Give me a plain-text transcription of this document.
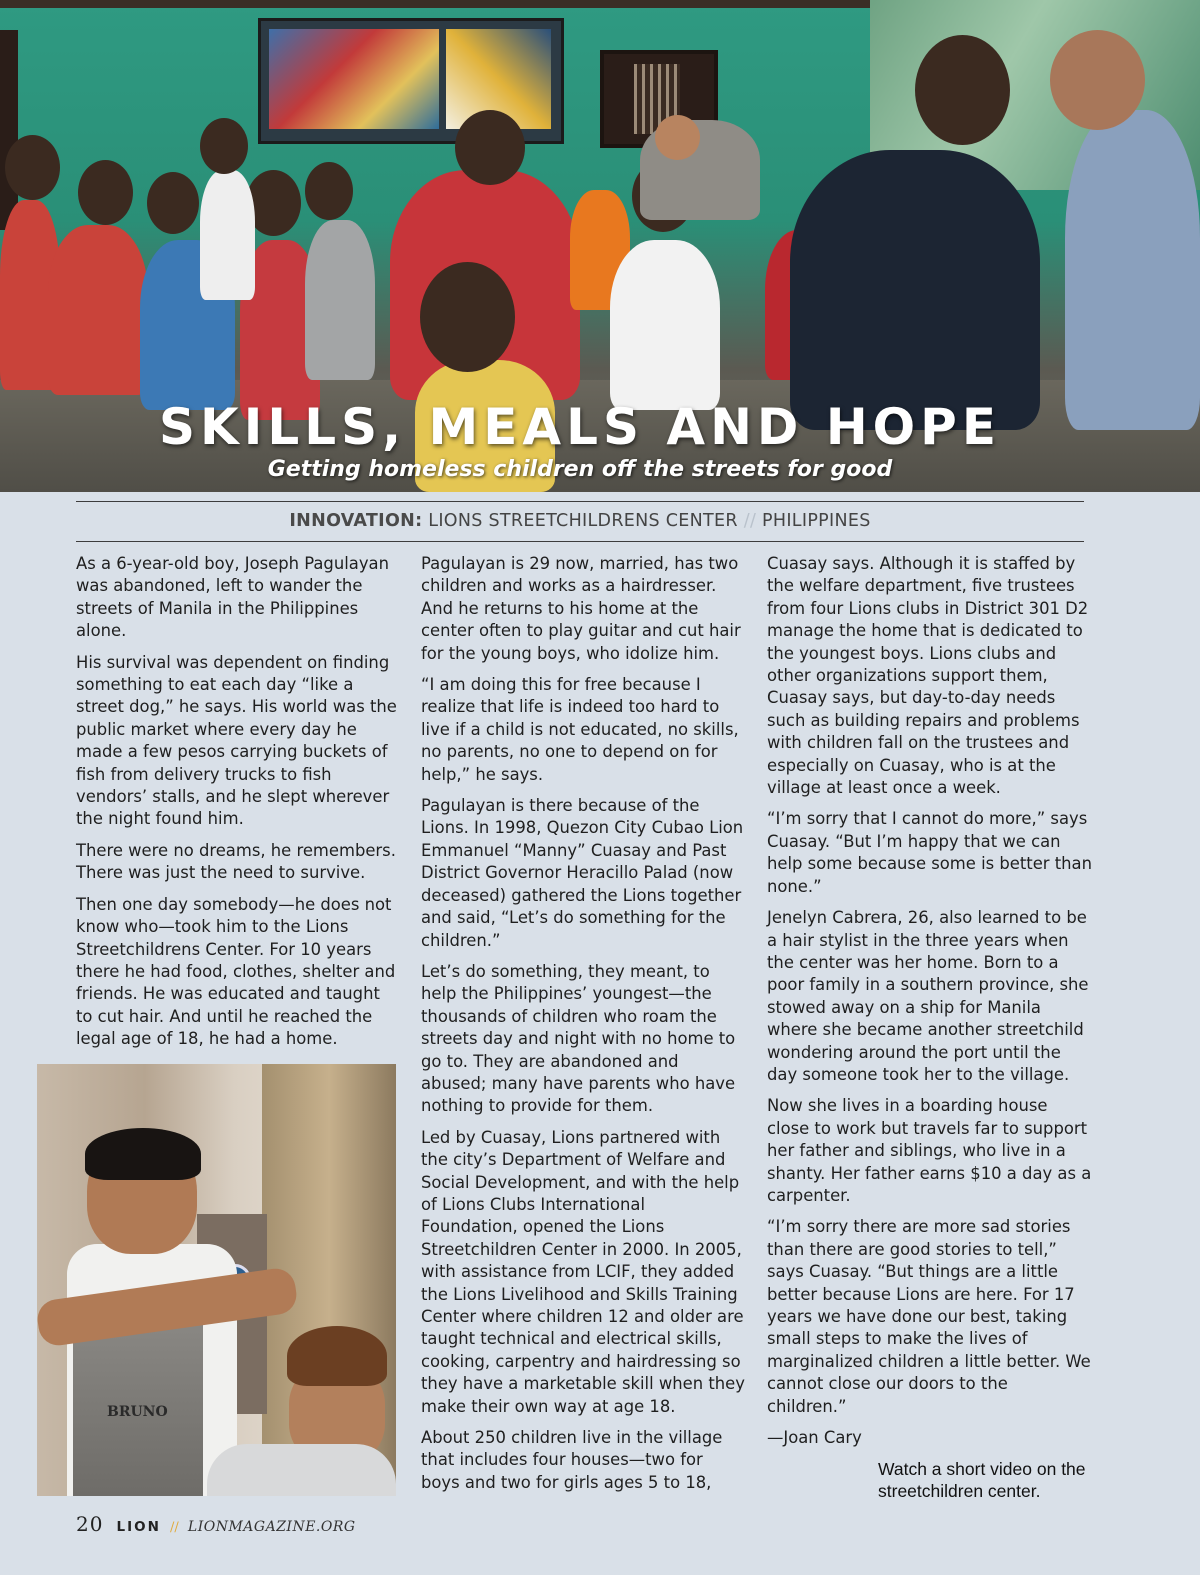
SKILLS, MEALS AND HOPE
Getting homeless children off the streets for good
INNOVATION: LIONS STREETCHILDRENS CENTER // PHILIPPINES

As a 6-year-old boy, Joseph Pagulayan was abandoned, left to wander the streets of Manila in the Philippines alone.

His survival was dependent on finding something to eat each day “like a street dog,” he says. His world was the public market where every day he made a few pesos carrying buckets of fish from delivery trucks to fish vendors’ stalls, and he slept wherever the night found him.

There were no dreams, he remembers. There was just the need to survive.

Then one day somebody—he does not know who—took him to the Lions Streetchildrens Center. For 10 years there he had food, clothes, shelter and friends. He was educated and taught to cut hair. And until he reached the legal age of 18, he had a home.

BRUNO

Pagulayan is 29 now, married, has two children and works as a hairdresser. And he returns to his home at the center often to play guitar and cut hair for the young boys, who idolize him.

“I am doing this for free because I realize that life is indeed too hard to live if a child is not educated, no skills, no parents, no one to depend on for help,” he says.

Pagulayan is there because of the Lions. In 1998, Quezon City Cubao Lion Emmanuel “Manny” Cuasay and Past District Governor Heracillo Palad (now deceased) gathered the Lions together and said, “Let’s do something for the children.”

Let’s do something, they meant, to help the Philippines’ youngest—the thousands of children who roam the streets day and night with no home to go to. They are abandoned and abused; many have parents who have nothing to provide for them.

Led by Cuasay, Lions partnered with the city’s Department of Welfare and Social Development, and with the help of Lions Clubs International Foundation, opened the Lions Streetchildren Center in 2000. In 2005, with assistance from LCIF, they added the Lions Livelihood and Skills Training Center where children 12 and older are taught technical and electrical skills, cooking, carpentry and hairdressing so they have a marketable skill when they make their own way at age 18.

About 250 children live in the village that includes four houses—two for boys and two for girls ages 5 to 18,

Cuasay says. Although it is staffed by the welfare department, five trustees from four Lions clubs in District 301 D2 manage the home that is dedicated to the youngest boys. Lions clubs and other organizations support them, Cuasay says, but day-to-day needs such as building repairs and problems with children fall on the trustees and especially on Cuasay, who is at the village at least once a week.

“I’m sorry that I cannot do more,” says Cuasay. “But I’m happy that we can help some because some is better than none.”

Jenelyn Cabrera, 26, also learned to be a hair stylist in the three years when the center was her home. Born to a poor family in a southern province, she stowed away on a ship for Manila where she became another streetchild wondering around the port until the day someone took her to the village.

Now she lives in a boarding house close to work but travels far to support her father and siblings, who live in a shanty. Her father earns $10 a day as a carpenter.

“I’m sorry there are more sad stories than there are good stories to tell,” says Cuasay. “But things are a little better because Lions are here. For 17 years we have done our best, taking small steps to make the lives of marginalized children a little better. We cannot close our doors to the children.”

—Joan Cary

Watch a short video on the streetchildren center.
20 LION // LIONMAGAZINE.ORG
